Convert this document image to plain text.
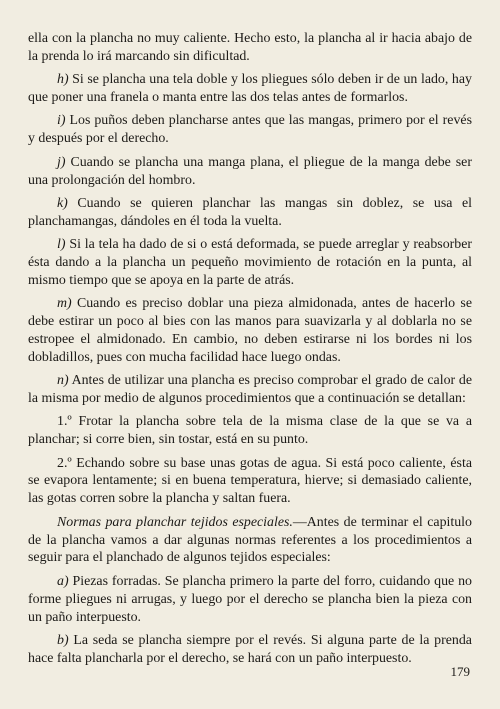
ella con la plancha no muy caliente. Hecho esto, la plancha al ir hacia abajo de la prenda lo irá marcando sin dificultad.

h) Si se plancha una tela doble y los pliegues sólo deben ir de un lado, hay que poner una franela o manta entre las dos telas antes de formarlos.

i) Los puños deben plancharse antes que las mangas, primero por el revés y después por el derecho.

j) Cuando se plancha una manga plana, el pliegue de la manga debe ser una prolongación del hombro.

k) Cuando se quieren planchar las mangas sin doblez, se usa el planchamangas, dándoles en él toda la vuelta.

l) Si la tela ha dado de si o está deformada, se puede arreglar y reabsorber ésta dando a la plancha un pequeño movimiento de rotación en la punta, al mismo tiempo que se apoya en la parte de atrás.

m) Cuando es preciso doblar una pieza almidonada, antes de hacerlo se debe estirar un poco al bies con las manos para suavizarla y al doblarla no se estropee el almidonado. En cambio, no deben estirarse ni los bordes ni los dobladillos, pues con mucha facilidad hace luego ondas.

n) Antes de utilizar una plancha es preciso comprobar el grado de calor de la misma por medio de algunos procedimientos que a continuación se detallan:

1.º Frotar la plancha sobre tela de la misma clase de la que se va a planchar; si corre bien, sin tostar, está en su punto.

2.º Echando sobre su base unas gotas de agua. Si está poco caliente, ésta se evapora lentamente; si en buena temperatura, hierve; si demasiado caliente, las gotas corren sobre la plancha y saltan fuera.

Normas para planchar tejidos especiales.—Antes de terminar el capitulo de la plancha vamos a dar algunas normas referentes a los procedimientos a seguir para el planchado de algunos tejidos especiales:

a) Piezas forradas. Se plancha primero la parte del forro, cuidando que no forme pliegues ni arrugas, y luego por el derecho se plancha bien la pieza con un paño interpuesto.

b) La seda se plancha siempre por el revés. Si alguna parte de la prenda hace falta plancharla por el derecho, se hará con un paño interpuesto.

179
